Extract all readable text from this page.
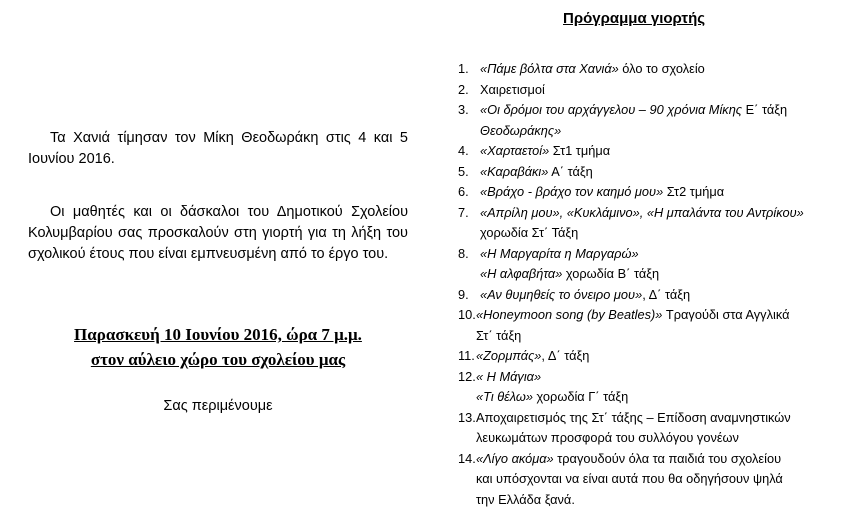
Τα Χανιά τίμησαν τον Μίκη Θεοδωράκη στις 4 και 5 Ιουνίου 2016.
Οι μαθητές και οι δάσκαλοι του Δημοτικού Σχολείου Κολυμβαρίου σας προσκαλούν στη γιορτή για τη λήξη του σχολικού έτους που είναι εμπνευσμένη από το έργο του.
Παρασκευή 10 Ιουνίου 2016, ώρα 7 μ.μ.
στον αύλειο χώρο του σχολείου μας
Σας περιμένουμε
Πρόγραμμα γιορτής
1. «Πάμε βόλτα στα Χανιά» όλο το σχολείο
2. Χαιρετισμοί
3. «Οι δρόμοι του αρχάγγελου – 90 χρόνια Μίκης Ε΄ τάξη
Θεοδωράκης»
4. «Χαρταετοί» Στ1 τμήμα
5. «Καραβάκι» Α΄ τάξη
6. «Βράχο - βράχο τον καημό μου» Στ2 τμήμα
7. «Απρίλη μου», «Κυκλάμινο», «Η μπαλάντα του Αντρίκου»
χορωδία Στ΄ Τάξη
8. «Η Μαργαρίτα η Μαργαρώ»
«Η αλφαβήτα» χορωδία Β΄ τάξη
9. «Αν θυμηθείς το όνειρο μου», Δ΄ τάξη
10. «Honeymoon song (by Beatles)» Τραγούδι στα Αγγλικά
Στ΄ τάξη
11. «Ζορμπάς», Δ΄ τάξη
12. « Η Μάγια»
«Τι θέλω» χορωδία Γ΄ τάξη
13. Αποχαιρετισμός της Στ΄ τάξης – Επίδοση αναμνηστικών
λευκωμάτων προσφορά του συλλόγου γονέων
14. «Λίγο ακόμα» τραγουδούν όλα τα παιδιά του σχολείου
και υπόσχονται να είναι αυτά που θα οδηγήσουν ψηλά
την Ελλάδα ξανά.
